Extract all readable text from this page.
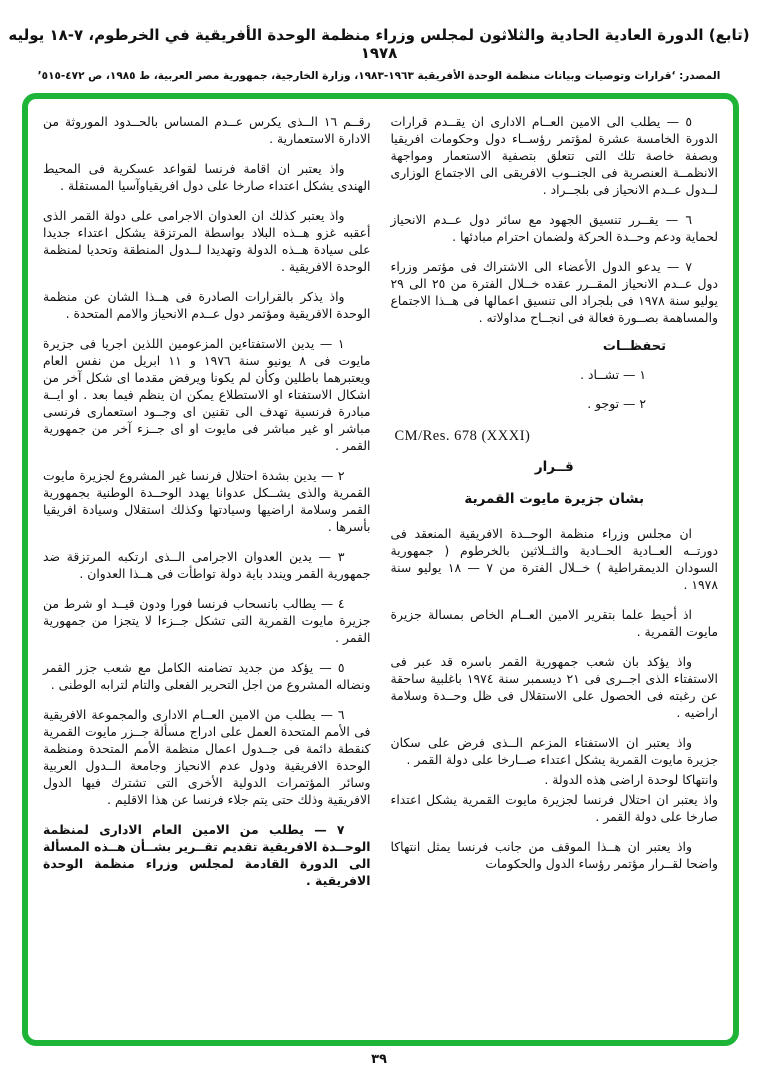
(تابع) الدورة العادية الحادية والثلاثون لمجلس وزراء منظمة الوحدة الأفريقية في الخرطوم، ٧-١٨ يوليه ١٩٧٨
المصدر: ‘قرارات وتوصيات وبيانات منظمة الوحدة الأفريقية ١٩٦٣-١٩٨٣، وزارة الخارجية، جمهورية مصر العربية، ط ١٩٨٥، ص ٤٧٢-٥١٥’

٥ — يطلب الى الامين العــام الادارى ان يقــدم قرارات الدورة الخامسة عشرة لمؤتمر رؤســاء دول وحكومات افريقيا وبصفة خاصة تلك التى تتعلق بتصفية الاستعمار ومواجهة الانظمــة العنصرية فى الجنــوب الافريقى الى الاجتماع الوزارى لــدول عــدم الانحياز فى بلجــراد .

٦ — يقــرر تنسيق الجهود مع سائر دول عــدم الانحياز لحماية ودعم وحــدة الحركة ولضمان احترام مبادئها .

٧ — يدعو الدول الأعضاء الى الاشتراك فى مؤتمر وزراء دول عــدم الانحياز المقــرر عقده خــلال الفترة من ٢٥ الى ٢٩ يوليو سنة ١٩٧٨ فى بلجراد الى تنسيق اعمالها فى هــذا الاجتماع والمساهمة بصــورة فعالة فى انجــاح مداولاته .

تحفظــات
١ — تشــاد .
٢ — توجو .
CM/Res. 678 (XXXI)
قــرار
بشان جزيرة مايوت القمرية

ان مجلس وزراء منظمة الوحــدة الافريقية المنعقد فى دورتــه العــادية الحــادية والثــلاثين بالخرطوم ( جمهورية السودان الديمقراطية ) خــلال الفترة من ٧ — ١٨ يوليو سنة ١٩٧٨ .

اذ أحيط علما بتقرير الامين العــام الخاص بمسالة جزيرة مايوت القمرية .

واذ يؤكد بان شعب جمهورية القمر باسره قد عبر فى الاستفتاء الذى اجــرى فى ٢١ ديسمبر سنة ١٩٧٤ باغلبية ساحقة عن رغبته فى الحصول على الاستقلال فى ظل وحــدة وسلامة اراضيه .

واذ يعتبر ان الاستفتاء المزعم الــذى فرض على سكان جزيرة مايوت القمرية يشكل اعتداء صــارخا على دولة القمر .

وانتهاكا لوحدة اراضى هذه الدولة .

واذ يعتبر ان احتلال فرنسا لجزيرة مايوت القمرية يشكل اعتداء صارخا على دولة القمر .

واذ يعتبر ان هــذا الموقف من جانب فرنسا يمثل انتهاكا واضحا لقــرار مؤتمر رؤساء الدول والحكومات

رقــم ١٦ الــذى يكرس عــدم المساس بالحــدود الموروثة من الادارة الاستعمارية .

واذ يعتبر ان اقامة فرنسا لقواعد عسكرية فى المحيط الهندى يشكل اعتداء صارخا على دول افريقياوآسيا المستقلة .

واذ يعتبر كذلك ان العدوان الاجرامى على دولة القمر الذى أعقبه غزو هــذه البلاد بواسطة المرتزقة يشكل اعتداء جديدا على سيادة هــذه الدولة وتهديدا لــدول المنطقة وتحديا لمنظمة الوحدة الافريقية .

واذ يذكر بالقرارات الصادرة فى هــذا الشان عن منظمة الوحدة الافريقية ومؤتمر دول عــدم الانحياز والامم المتحدة .

١ — يدين الاستفتاءين المزعومين اللذين اجريا فى جزيرة مايوت فى ٨ يونيو سنة ١٩٧٦ و ١١ ابريل من نفس العام ويعتبرهما باطلين وكأن لم يكونا ويرفض مقدما اى شكل آخر من اشكال الاستفتاء او الاستطلاع يمكن ان ينظم فيما بعد . او ايــة مبادرة فرنسية تهدف الى تقنين اى وجــود استعمارى فرنسى مباشر او غير مباشر فى مايوت او اى جــزء آخر من جمهورية القمر .

٢ — يدين بشدة احتلال فرنسا غير المشروع لجزيرة مايوت القمرية والذى يشــكل عدوانا يهدد الوحــدة الوطنية بجمهورية القمر وسلامة اراضيها وسيادتها وكذلك استقلال وسيادة افريقيا بأسرها .

٣ — يدين العدوان الاجرامى الــذى ارتكبه المرتزقة ضد جمهورية القمر ويندد باية دولة تواطأت فى هــذا العدوان .

٤ — يطالب بانسحاب فرنسا فورا ودون قيــد او شرط من جزيرة مايوت القمرية التى تشكل جــزءا لا يتجزا من جمهورية القمر .

٥ — يؤكد من جديد تضامنه الكامل مع شعب جزر القمر ونضاله المشروع من اجل التحرير الفعلى والتام لترابه الوطنى .

٦ — يطلب من الامين العــام الادارى والمجموعة الافريقية فى الأمم المتحدة العمل على ادراج مسألة جــزر مايوت القمرية كنقطة دائمة فى جــدول اعمال منظمة الأمم المتحدة ومنظمة الوحدة الافريقية ودول عدم الانحياز وجامعة الــدول العربية وسائر المؤتمرات الدولية الأخرى التى تشترك فيها الدول الافريقية وذلك حتى يتم جلاء فرنسا عن هذا الاقليم .

٧ — يطلب من الامين العام الادارى لمنظمة الوحــدة الافريقية تقديم تقــرير بشــأن هــذه المسألة الى الدورة القادمة لمجلس وزراء منظمة الوحدة الافريقية .

٣٩
